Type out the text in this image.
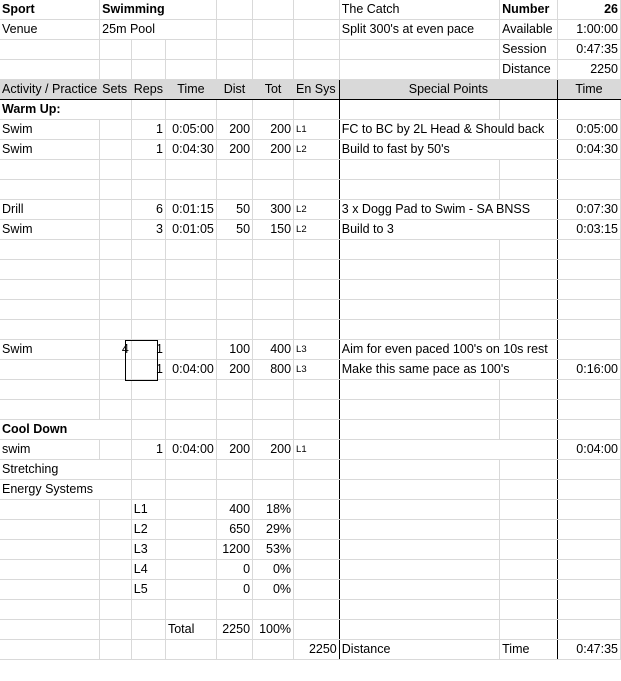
Sport	Swimming						The Catch	Number	26
Venue	25m Pool						Split 300's at even pace	Available	1:00:00
								Session	0:47:35
								Distance	2250
Activity / Practice	Sets	Reps	Time	Dist	Tot	En Sys	Special Points		Time
Warm Up:									
Swim		1	0:05:00	200	200	L1	FC to BC by 2L Head & Should back		0:05:00
Swim		1	0:04:30	200	200	L2	Build to fast by 50's		0:04:30

Drill		6	0:01:15	50	300	L2	3 x Dogg Pad to Swim - SA BNSS		0:07:30
Swim		3	0:01:05	50	150	L2	Build to 3		0:03:15

Swim	4	1		100	400	L3	Aim for even paced 100's on 10s rest		
		1	0:04:00	200	800	L3	Make this same pace as 100's		0:16:00

Cool Down									
swim		1	0:04:00	200	200	L1			0:04:00
Stretching									
Energy Systems									
		L1		400	18%				
		L2		650	29%				
		L3		1200	53%				
		L4		0	0%				
		L5		0	0%				

			Total	2250	100%				
						2250	Distance	Time	0:47:35
